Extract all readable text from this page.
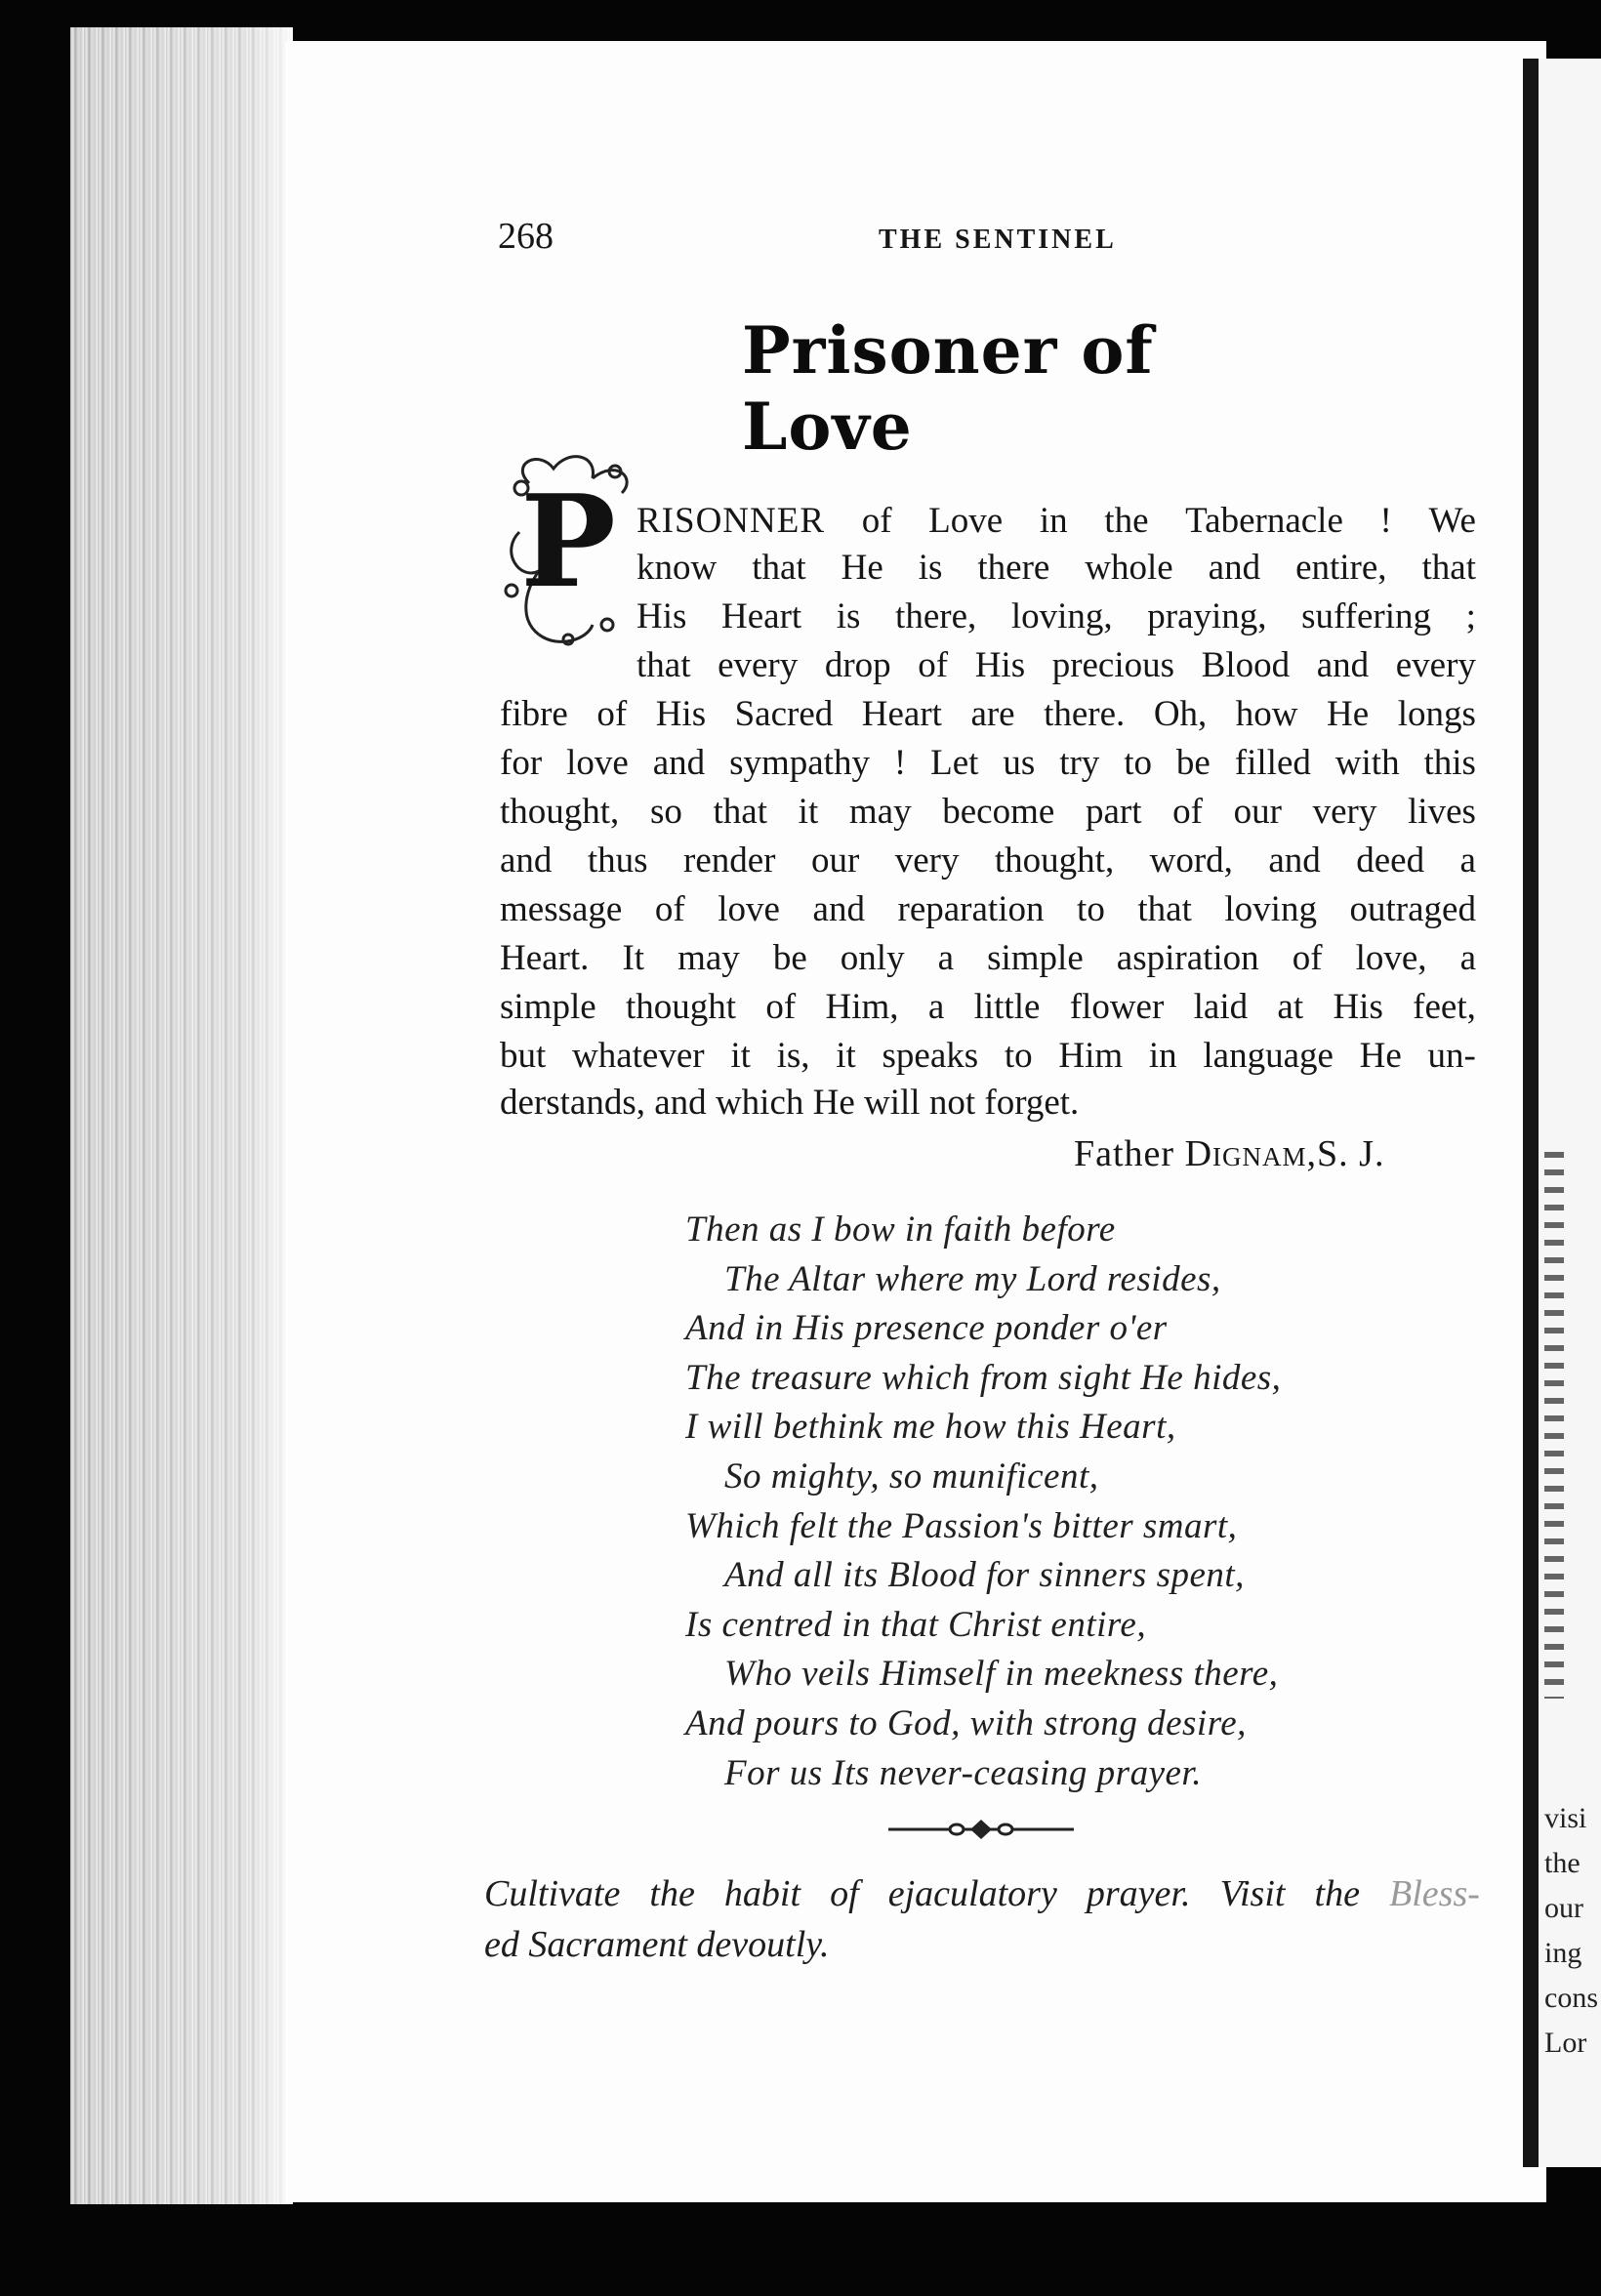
visi
the
our
ing
cons
Lor
268	THE SENTINEL
Prisoner of Love
P RISONNER of Love in the Tabernacle ! We
know that He is there whole and entire, that
His Heart is there, loving, praying, suffering ;
that every drop of His precious Blood and every
fibre of His Sacred Heart are there. Oh, how He longs
for love and sympathy ! Let us try to be filled with this
thought, so that it may become part of our very lives
and thus render our very thought, word, and deed a
message of love and reparation to that loving outraged
Heart. It may be only a simple aspiration of love, a
simple thought of Him, a little flower laid at His feet,
but whatever it is, it speaks to Him in language He un-
derstands,
and
which
He
will
not
forget.
Father Dignam,S. J.
Then as I bow in faith before
The Altar where my Lord resides,
And in His presence ponder o'er
The treasure which from sight He hides,
I will bethink me how this Heart,
So mighty, so munificent,
Which felt the Passion's bitter smart,
And all its Blood for sinners spent,
Is centred in that Christ entire,
Who veils Himself in meekness there,
And pours to God, with strong desire,
For us Its never-ceasing prayer.
Cultivate the habit of ejaculatory prayer. Visit the Bless-
ed
Sacrament
devoutly.
